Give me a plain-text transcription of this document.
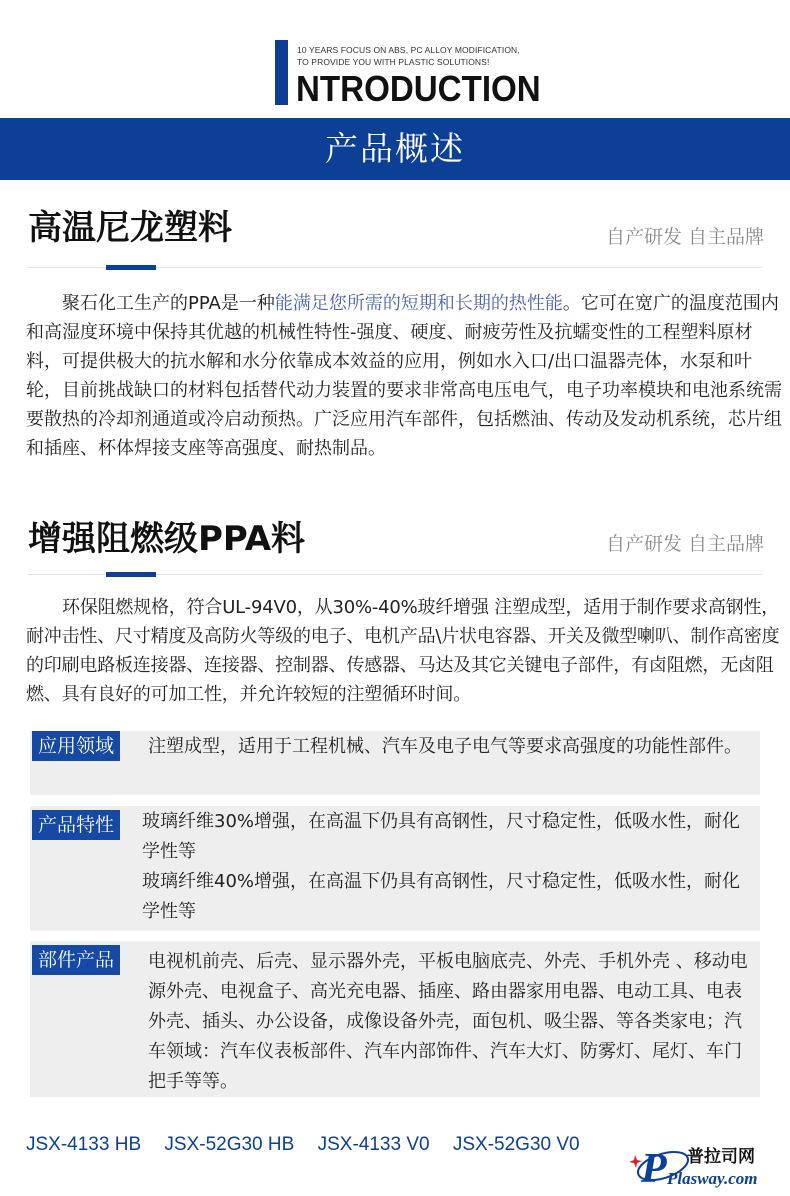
10 YEARS FOCUS ON ABS, PC ALLOY MODIFICATION,
TO PROVIDE YOU WITH PLASTIC SOLUTIONS!
NTRODUCTION
产品概述
高温尼龙塑料	自产研发 自主品牌
聚石化工生产的PPA是一种能满足您所需的短期和长期的热性能。它可在宽广的温度范围内和高湿度环境中保持其优越的机械性特性-强度、硬度、耐疲劳性及抗蠕变性的工程塑料原材料，可提供极大的抗水解和水分依靠成本效益的应用，例如水入口/出口温器壳体，水泵和叶轮，目前挑战缺口的材料包括替代动力装置的要求非常高电压电气，电子功率模块和电池系统需要散热的冷却剂通道或冷启动预热。广泛应用汽车部件，包括燃油、传动及发动机系统，芯片组和插座、杯体焊接支座等高强度、耐热制品。
增强阻燃级PPA料	自产研发 自主品牌
环保阻燃规格，符合UL-94V0，从30%-40%玻纤增强 注塑成型，适用于制作要求高钢性，耐冲击性、尺寸精度及高防火等级的电子、电机产品\片状电容器、开关及微型喇叭、制作高密度的印刷电路板连接器、连接器、控制器、传感器、马达及其它关键电子部件，有卤阻燃，无卤阻燃、具有良好的可加工性，并允许较短的注塑循环时间。
应用领域	注塑成型，适用于工程机械、汽车及电子电气等要求高强度的功能性部件。
产品特性	玻璃纤维30%增强，在高温下仍具有高钢性，尺寸稳定性，低吸水性，耐化学性等
玻璃纤维40%增强，在高温下仍具有高钢性，尺寸稳定性，低吸水性，耐化学性等
部件产品	电视机前壳、后壳、显示器外壳，平板电脑底壳、外壳、手机外壳 、移动电源外壳、电视盒子、高光充电器、插座、路由器家用电器、电动工具、电表外壳、插头、办公设备，成像设备外壳，面包机、吸尘器、等各类家电；汽车领域：汽车仪表板部件、汽车内部饰件、汽车大灯、防雾灯、尾灯、车门把手等等。
JSX-4133 HB JSX-52G30 HB JSX-4133 V0 JSX-52G30 V0
P 普拉司网
Plasway.com
